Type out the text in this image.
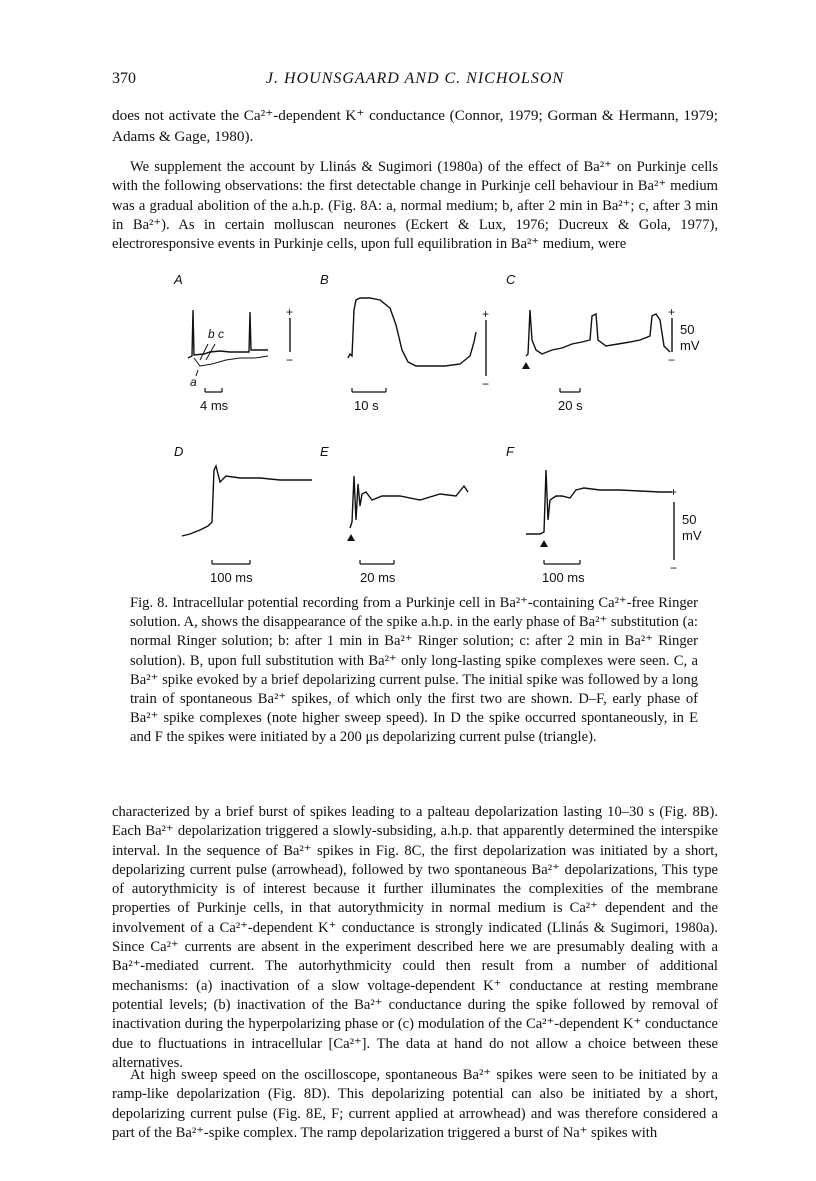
370	J. HOUNSGAARD AND C. NICHOLSON

does not activate the Ca²⁺-dependent K⁺ conductance (Connor, 1979; Gorman & Hermann, 1979; Adams & Gage, 1980).

We supplement the account by Llinás & Sugimori (1980a) of the effect of Ba²⁺ on Purkinje cells with the following observations: the first detectable change in Purkinje cell behaviour in Ba²⁺ medium was a gradual abolition of the a.h.p. (Fig. 8A: a, normal medium; b, after 2 min in Ba²⁺; c, after 3 min in Ba²⁺). As in certain molluscan neurones (Eckert & Lux, 1976; Ducreux & Gola, 1977), electroresponsive events in Purkinje cells, upon full equilibration in Ba²⁺ medium, were

A	B	C
D	E	F
b c
a
+
−
+
−
+
−
+
−
50
mV
50
mV
4 ms	10 s	20 s
100 ms	20 ms	100 ms

Fig. 8. Intracellular potential recording from a Purkinje cell in Ba²⁺-containing Ca²⁺-free Ringer solution. A, shows the disappearance of the spike a.h.p. in the early phase of Ba²⁺ substitution (a: normal Ringer solution; b: after 1 min in Ba²⁺ Ringer solution; c: after 2 min in Ba²⁺ Ringer solution). B, upon full substitution with Ba²⁺ only long-lasting spike complexes were seen. C, a Ba²⁺ spike evoked by a brief depolarizing current pulse. The initial spike was followed by a long train of spontaneous Ba²⁺ spikes, of which only the first two are shown. D–F, early phase of Ba²⁺ spike complexes (note higher sweep speed). In D the spike occurred spontaneously, in E and F the spikes were initiated by a 200 μs depolarizing current pulse (triangle).

characterized by a brief burst of spikes leading to a palteau depolarization lasting 10–30 s (Fig. 8B). Each Ba²⁺ depolarization triggered a slowly-subsiding, a.h.p. that apparently determined the interspike interval. In the sequence of Ba²⁺ spikes in Fig. 8C, the first depolarization was initiated by a short, depolarizing current pulse (arrowhead), followed by two spontaneous Ba²⁺ depolarizations, This type of autorythmicity is of interest because it further illuminates the complexities of the membrane properties of Purkinje cells, in that autorythmicity in normal medium is Ca²⁺ dependent and the involvement of a Ca²⁺-dependent K⁺ conductance is strongly indicated (Llinás & Sugimori, 1980a). Since Ca²⁺ currents are absent in the experiment described here we are presumably dealing with a Ba²⁺-mediated current. The autorhythmicity could then result from a number of additional mechanisms: (a) inactivation of a slow voltage-dependent K⁺ conductance at resting membrane potential levels; (b) inactivation of the Ba²⁺ conductance during the spike followed by removal of inactivation during the hyperpolarizing phase or (c) modulation of the Ca²⁺-dependent K⁺ conductance due to fluctuations in intracellular [Ca²⁺]. The data at hand do not allow a choice between these alternatives.

At high sweep speed on the oscilloscope, spontaneous Ba²⁺ spikes were seen to be initiated by a ramp-like depolarization (Fig. 8D). This depolarizing potential can also be initiated by a short, depolarizing current pulse (Fig. 8E, F; current applied at arrowhead) and was therefore considered a part of the Ba²⁺-spike complex. The ramp depolarization triggered a burst of Na⁺ spikes with
